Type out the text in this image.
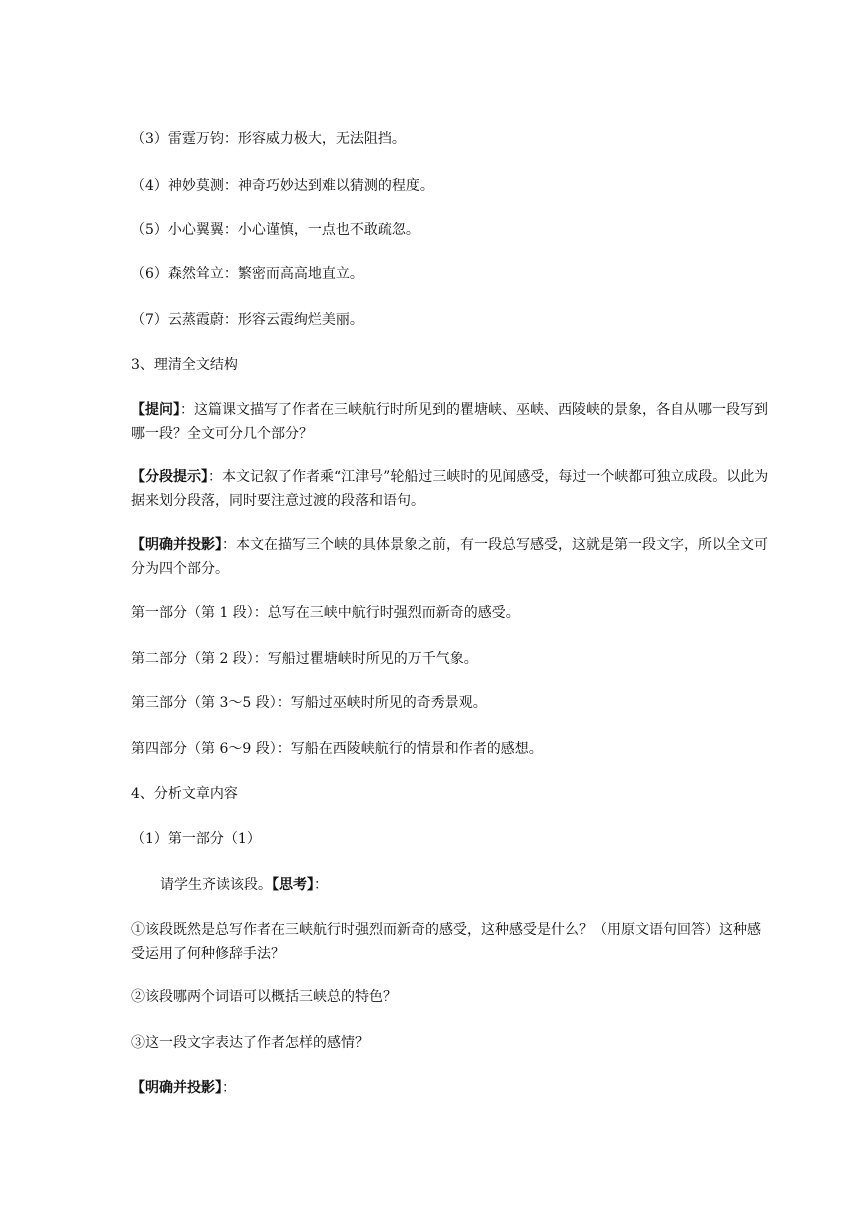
（3）雷霆万钧：形容威力极大，无法阻挡。
（4）神妙莫测：神奇巧妙达到难以猜测的程度。
（5）小心翼翼：小心谨慎，一点也不敢疏忽。
（6）森然耸立：繁密而高高地直立。
（7）云蒸霞蔚：形容云霞绚烂美丽。
3、理清全文结构
【提问】：这篇课文描写了作者在三峡航行时所见到的瞿塘峡、巫峡、西陵峡的景象，各自从哪一段写到哪一段？全文可分几个部分？
【分段提示】：本文记叙了作者乘“江津号”轮船过三峡时的见闻感受，每过一个峡都可独立成段。以此为据来划分段落，同时要注意过渡的段落和语句。
【明确并投影】：本文在描写三个峡的具体景象之前，有一段总写感受，这就是第一段文字，所以全文可分为四个部分。
第一部分（第 1 段）：总写在三峡中航行时强烈而新奇的感受。
第二部分（第 2 段）：写船过瞿塘峡时所见的万千气象。
第三部分（第 3～5 段）：写船过巫峡时所见的奇秀景观。
第四部分（第 6～9 段）：写船在西陵峡航行的情景和作者的感想。
4、分析文章内容
（1）第一部分（1）
请学生齐读该段。【思考】：
①该段既然是总写作者在三峡航行时强烈而新奇的感受，这种感受是什么？（用原文语句回答）这种感受运用了何种修辞手法？
②该段哪两个词语可以概括三峡总的特色？
③这一段文字表达了作者怎样的感情？
【明确并投影】：
